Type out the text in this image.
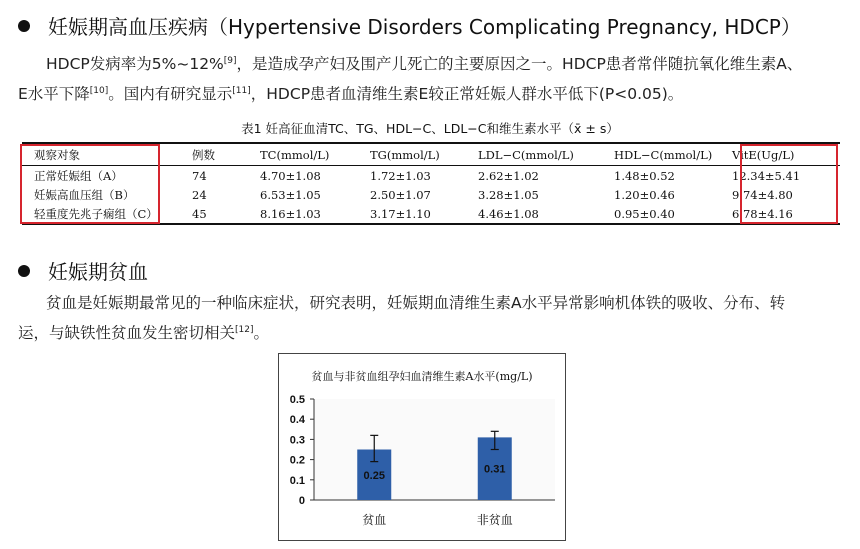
妊娠期高血压疾病（Hypertensive Disorders Complicating Pregnancy, HDCP）
HDCP发病率为5%~12%[9]，是造成孕产妇及围产儿死亡的主要原因之一。HDCP患者常伴随抗氧化维生素A、
E水平下降[10]。国内有研究显示[11]，HDCP患者血清维生素E较正常妊娠人群水平低下(P<0.05)。
表1 妊高征血清TC、TG、HDL−C、LDL−C和维生素水平（x̄ ± s）
观察对象	例数	TC(mmol/L)	TG(mmol/L)	LDL−C(mmol/L)	HDL−C(mmol/L)	VitE(Ug/L)
正常妊娠组（A）	74	4.70±1.08	1.72±1.03	2.62±1.02	1.48±0.52	12.34±5.41
妊娠高血压组（B）	24	6.53±1.05	2.50±1.07	3.28±1.05	1.20±0.46	9.74±4.80
轻重度先兆子痫组（C）	45	8.16±1.03	3.17±1.10	4.46±1.08	0.95±0.40	6.78±4.16
妊娠期贫血
贫血是妊娠期最常见的一种临床症状，研究表明，妊娠期血清维生素A水平异常影响机体铁的吸收、分布、转
运，与缺铁性贫血发生密切相关[12]。
贫血与非贫血组孕妇血清维生素A水平(mg/L)
0
0.1
0.2
0.3
0.4
0.5
0.25
贫血
0.31
非贫血
